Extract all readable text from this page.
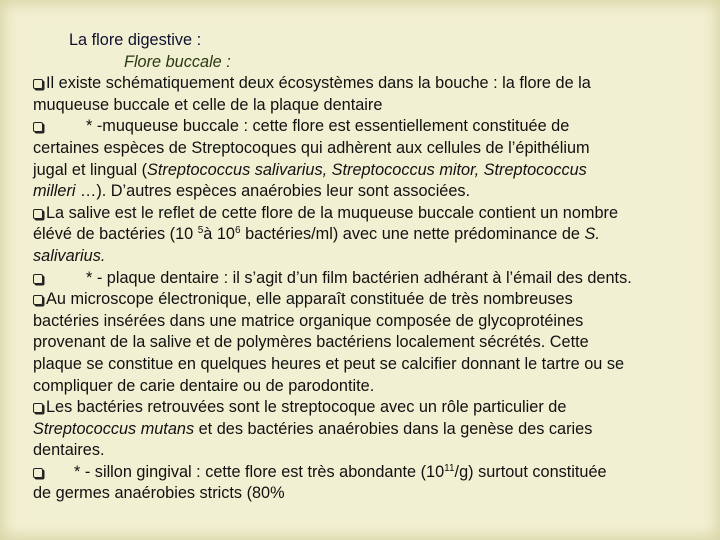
La flore digestive :
Flore buccale :
Il existe schématiquement deux écosystèmes dans la bouche : la flore de la
muqueuse buccale et celle de la plaque dentaire
* -muqueuse buccale : cette flore est essentiellement constituée de
certaines espèces de Streptocoques qui adhèrent aux cellules de l’épithélium
jugal et lingual (Streptococcus salivarius, Streptococcus mitor, Streptococcus
milleri …). D’autres espèces anaérobies leur sont associées.
La salive est le reflet de cette flore de la muqueuse buccale contient un nombre
élévé de bactéries (10 $^5$à $10^6$ bactéries/ml) avec une nette prédominance de S.
salivarius.
* - plaque dentaire : il s’agit d’un film bactérien adhérant à l’émail des dents.
Au microscope électronique, elle apparaît constituée de très nombreuses
bactéries insérées dans une matrice organique composée de glycoprotéines
provenant de la salive et de polymères bactériens localement sécrétés. Cette
plaque se constitue en quelques heures et peut se calcifier donnant le tartre ou se
compliquer de carie dentaire ou de parodontite.
Les bactéries retrouvées sont le streptocoque avec un rôle particulier de
Streptococcus mutans et des bactéries anaérobies dans la genèse des caries
dentaires.
* - sillon gingival : cette flore est très abondante $(10^{11}/g)$ surtout constituée
de germes anaérobies stricts (80%
